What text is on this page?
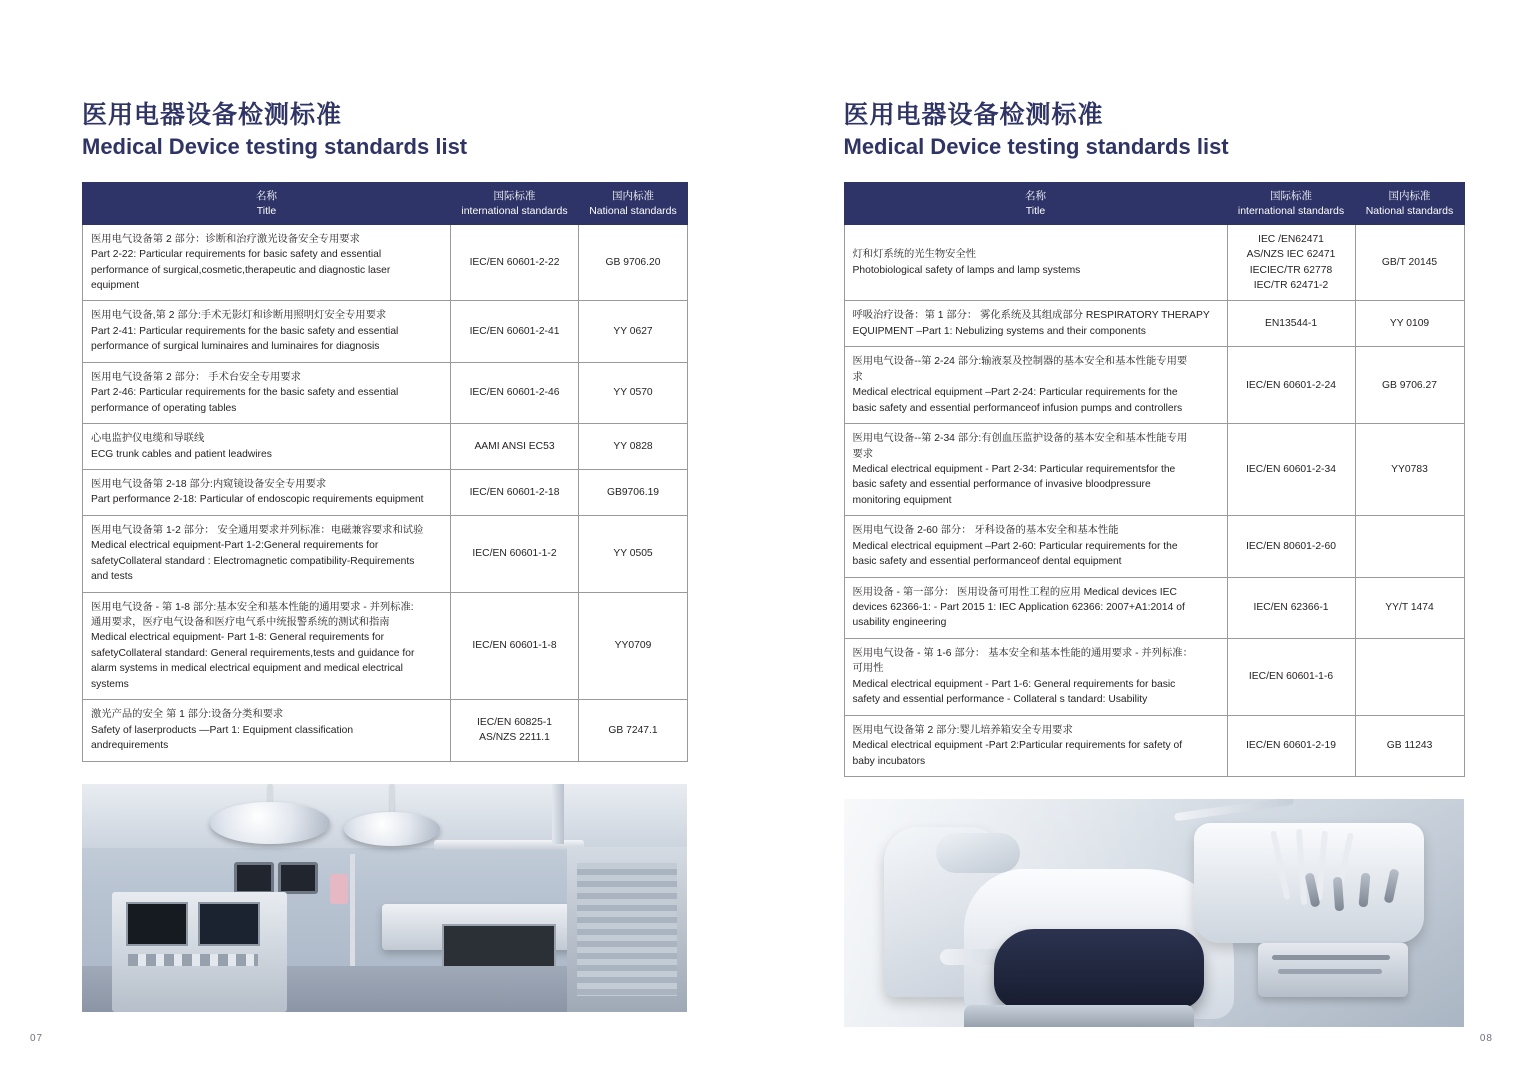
医用电器设备检测标准
Medical Device testing standards list
名称
Title	国际标准
international standards	国内标准
National standards

医用电气设备第 2 部分：诊断和治疗激光设备安全专用要求
Part 2-22: Particular requirements for basic safety and essential
performance of surgical,cosmetic,therapeutic and diagnostic laser
equipment	IEC/EN 60601-2-22	GB 9706.20

医用电气设备,第 2 部分:手术无影灯和诊断用照明灯安全专用要求
Part 2-41: Particular requirements for the basic safety and essential
performance of surgical luminaires and luminaires for diagnosis	IEC/EN 60601-2-41	YY 0627

医用电气设备第 2 部分： 手术台安全专用要求
Part 2-46: Particular requirements for the basic safety and essential
performance of operating tables	IEC/EN 60601-2-46	YY 0570

心电监护仪电缆和导联线
ECG trunk cables and patient leadwires	AAMI ANSI EC53	YY 0828

医用电气设备第 2-18 部分:内窥镜设备安全专用要求
Part performance 2-18: Particular of endoscopic requirements equipment	IEC/EN 60601-2-18	GB9706.19

医用电气设备第 1-2 部分： 安全通用要求并列标准：电磁兼容要求和试验
Medical electrical equipment-Part 1-2:General requirements for
safetyCollateral standard : Electromagnetic compatibility-Requirements
and tests	IEC/EN 60601-1-2	YY 0505

医用电气设备 - 第 1-8 部分:基本安全和基本性能的通用要求 - 并列标准:
通用要求，医疗电气设备和医疗电气系中统报警系统的测试和指南
Medical electrical equipment- Part 1-8: General requirements for
safetyCollateral standard: General requirements,tests and guidance for
alarm systems in medical electrical equipment and medical electrical
systems

IEC/EN 60601-1-8	YY0709

激光产品的安全 第 1 部分:设备分类和要求
Safety of laserproducts —Part 1: Equipment classification
andrequirements	IEC/EN 60825-1
AS/NZS 2211.1	GB 7247.1
07
医用电器设备检测标准
Medical Device testing standards list
名称
Title	国际标准
international standards	国内标准
National standards

灯和灯系统的光生物安全性
Photobiological safety of lamps and lamp systems	IEC /EN62471
AS/NZS IEC 62471
IECIEC/TR 62778
IEC/TR 62471-2	GB/T 20145

呼吸治疗设备：第 1 部分： 雾化系统及其组成部分 RESPIRATORY THERAPY
EQUIPMENT –Part 1: Nebulizing systems and their components	EN13544-1	YY 0109

医用电气设备--第 2-24 部分:输液泵及控制器的基本安全和基本性能专用要
求
Medical electrical equipment –Part 2-24: Particular requirements for the
basic safety and essential performanceof infusion pumps and controllers	IEC/EN 60601-2-24	GB 9706.27

医用电气设备--第 2-34 部分:有创血压监护设备的基本安全和基本性能专用
要求
Medical electrical equipment - Part 2-34: Particular requirementsfor the
basic safety and essential performance of invasive bloodpressure
monitoring equipment	IEC/EN 60601-2-34	YY0783

医用电气设备 2-60 部分： 牙科设备的基本安全和基本性能
Medical electrical equipment –Part 2-60: Particular requirements for the
basic safety and essential performanceof dental equipment	IEC/EN 80601-2-60	

医用设备 - 第一部分： 医用设备可用性工程的应用 Medical devices IEC
devices 62366-1: - Part 2015 1: IEC Application 62366: 2007+A1:2014 of
usability engineering	IEC/EN 62366-1	YY/T 1474

医用电气设备 - 第 1-6 部分： 基本安全和基本性能的通用要求 - 并列标准：
可用性
Medical electrical equipment - Part 1-6: General requirements for basic
safety and essential performance - Collateral s tandard: Usability	IEC/EN 60601-1-6	

医用电气设备第 2 部分:婴儿培养箱安全专用要求
Medical electrical equipment -Part 2:Particular requirements for safety of
baby incubators	IEC/EN 60601-2-19	GB 11243
08
